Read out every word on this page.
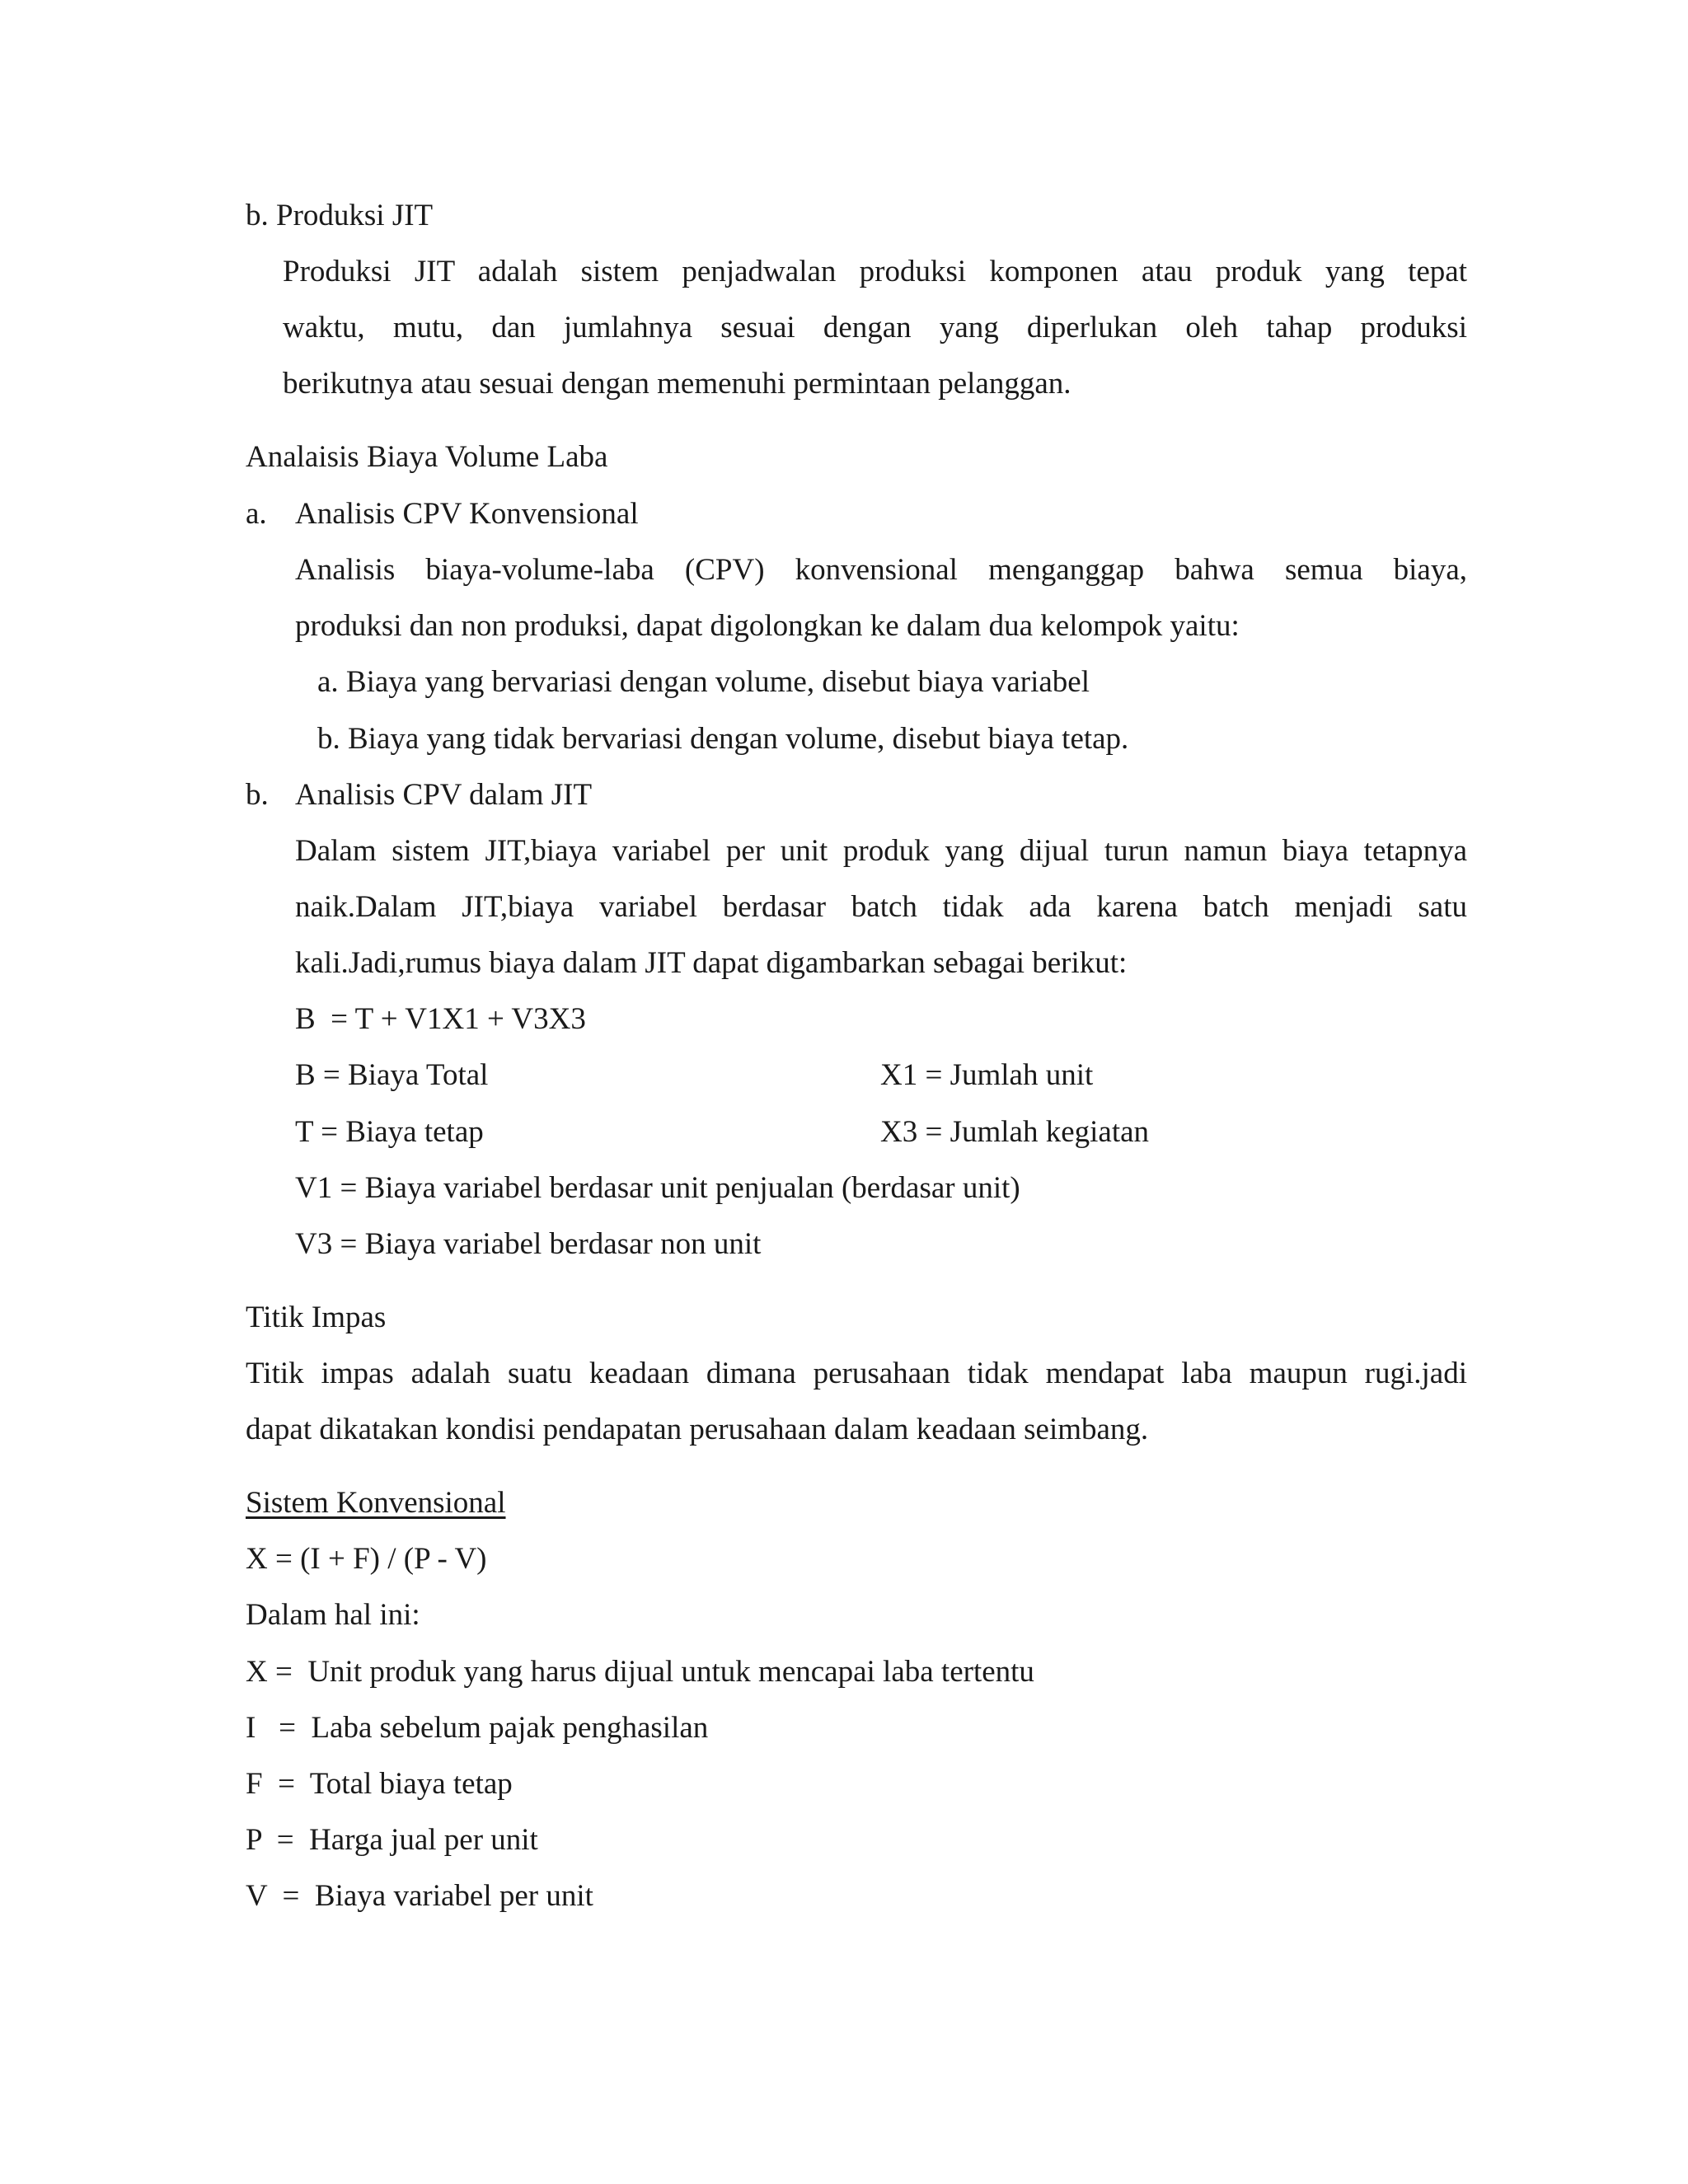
b. Produksi JIT
Produksi JIT adalah sistem penjadwalan produksi komponen atau produk yang tepat
waktu, mutu, dan jumlahnya sesuai dengan yang diperlukan oleh tahap produksi
berikutnya atau sesuai dengan memenuhi permintaan pelanggan.
Analaisis Biaya Volume Laba
a. Analisis CPV Konvensional
Analisis biaya-volume-laba (CPV) konvensional menganggap bahwa semua biaya,
produksi dan non produksi, dapat digolongkan ke dalam dua kelompok yaitu:
a. Biaya yang bervariasi dengan volume, disebut biaya variabel
b. Biaya yang tidak bervariasi dengan volume, disebut biaya tetap.
b. Analisis CPV dalam JIT
Dalam sistem JIT,biaya variabel per unit produk yang dijual turun namun biaya tetapnya
naik.Dalam JIT,biaya variabel berdasar batch tidak ada karena batch menjadi satu
kali.Jadi,rumus biaya dalam JIT dapat digambarkan sebagai berikut:
B  = T + V1X1 + V3X3
B = Biaya Total	X1 = Jumlah unit
T = Biaya tetap	X3 = Jumlah kegiatan
V1 = Biaya variabel berdasar unit penjualan (berdasar unit)
V3 = Biaya variabel berdasar non unit
Titik Impas
Titik impas adalah suatu keadaan dimana perusahaan tidak mendapat laba maupun rugi.jadi
dapat dikatakan kondisi pendapatan perusahaan dalam keadaan seimbang.
Sistem Konvensional
X = (I + F) / (P - V)
Dalam hal ini:
X =  Unit produk yang harus dijual untuk mencapai laba tertentu
I   =  Laba sebelum pajak penghasilan
F  =  Total biaya tetap
P  =  Harga jual per unit
V  =  Biaya variabel per unit
